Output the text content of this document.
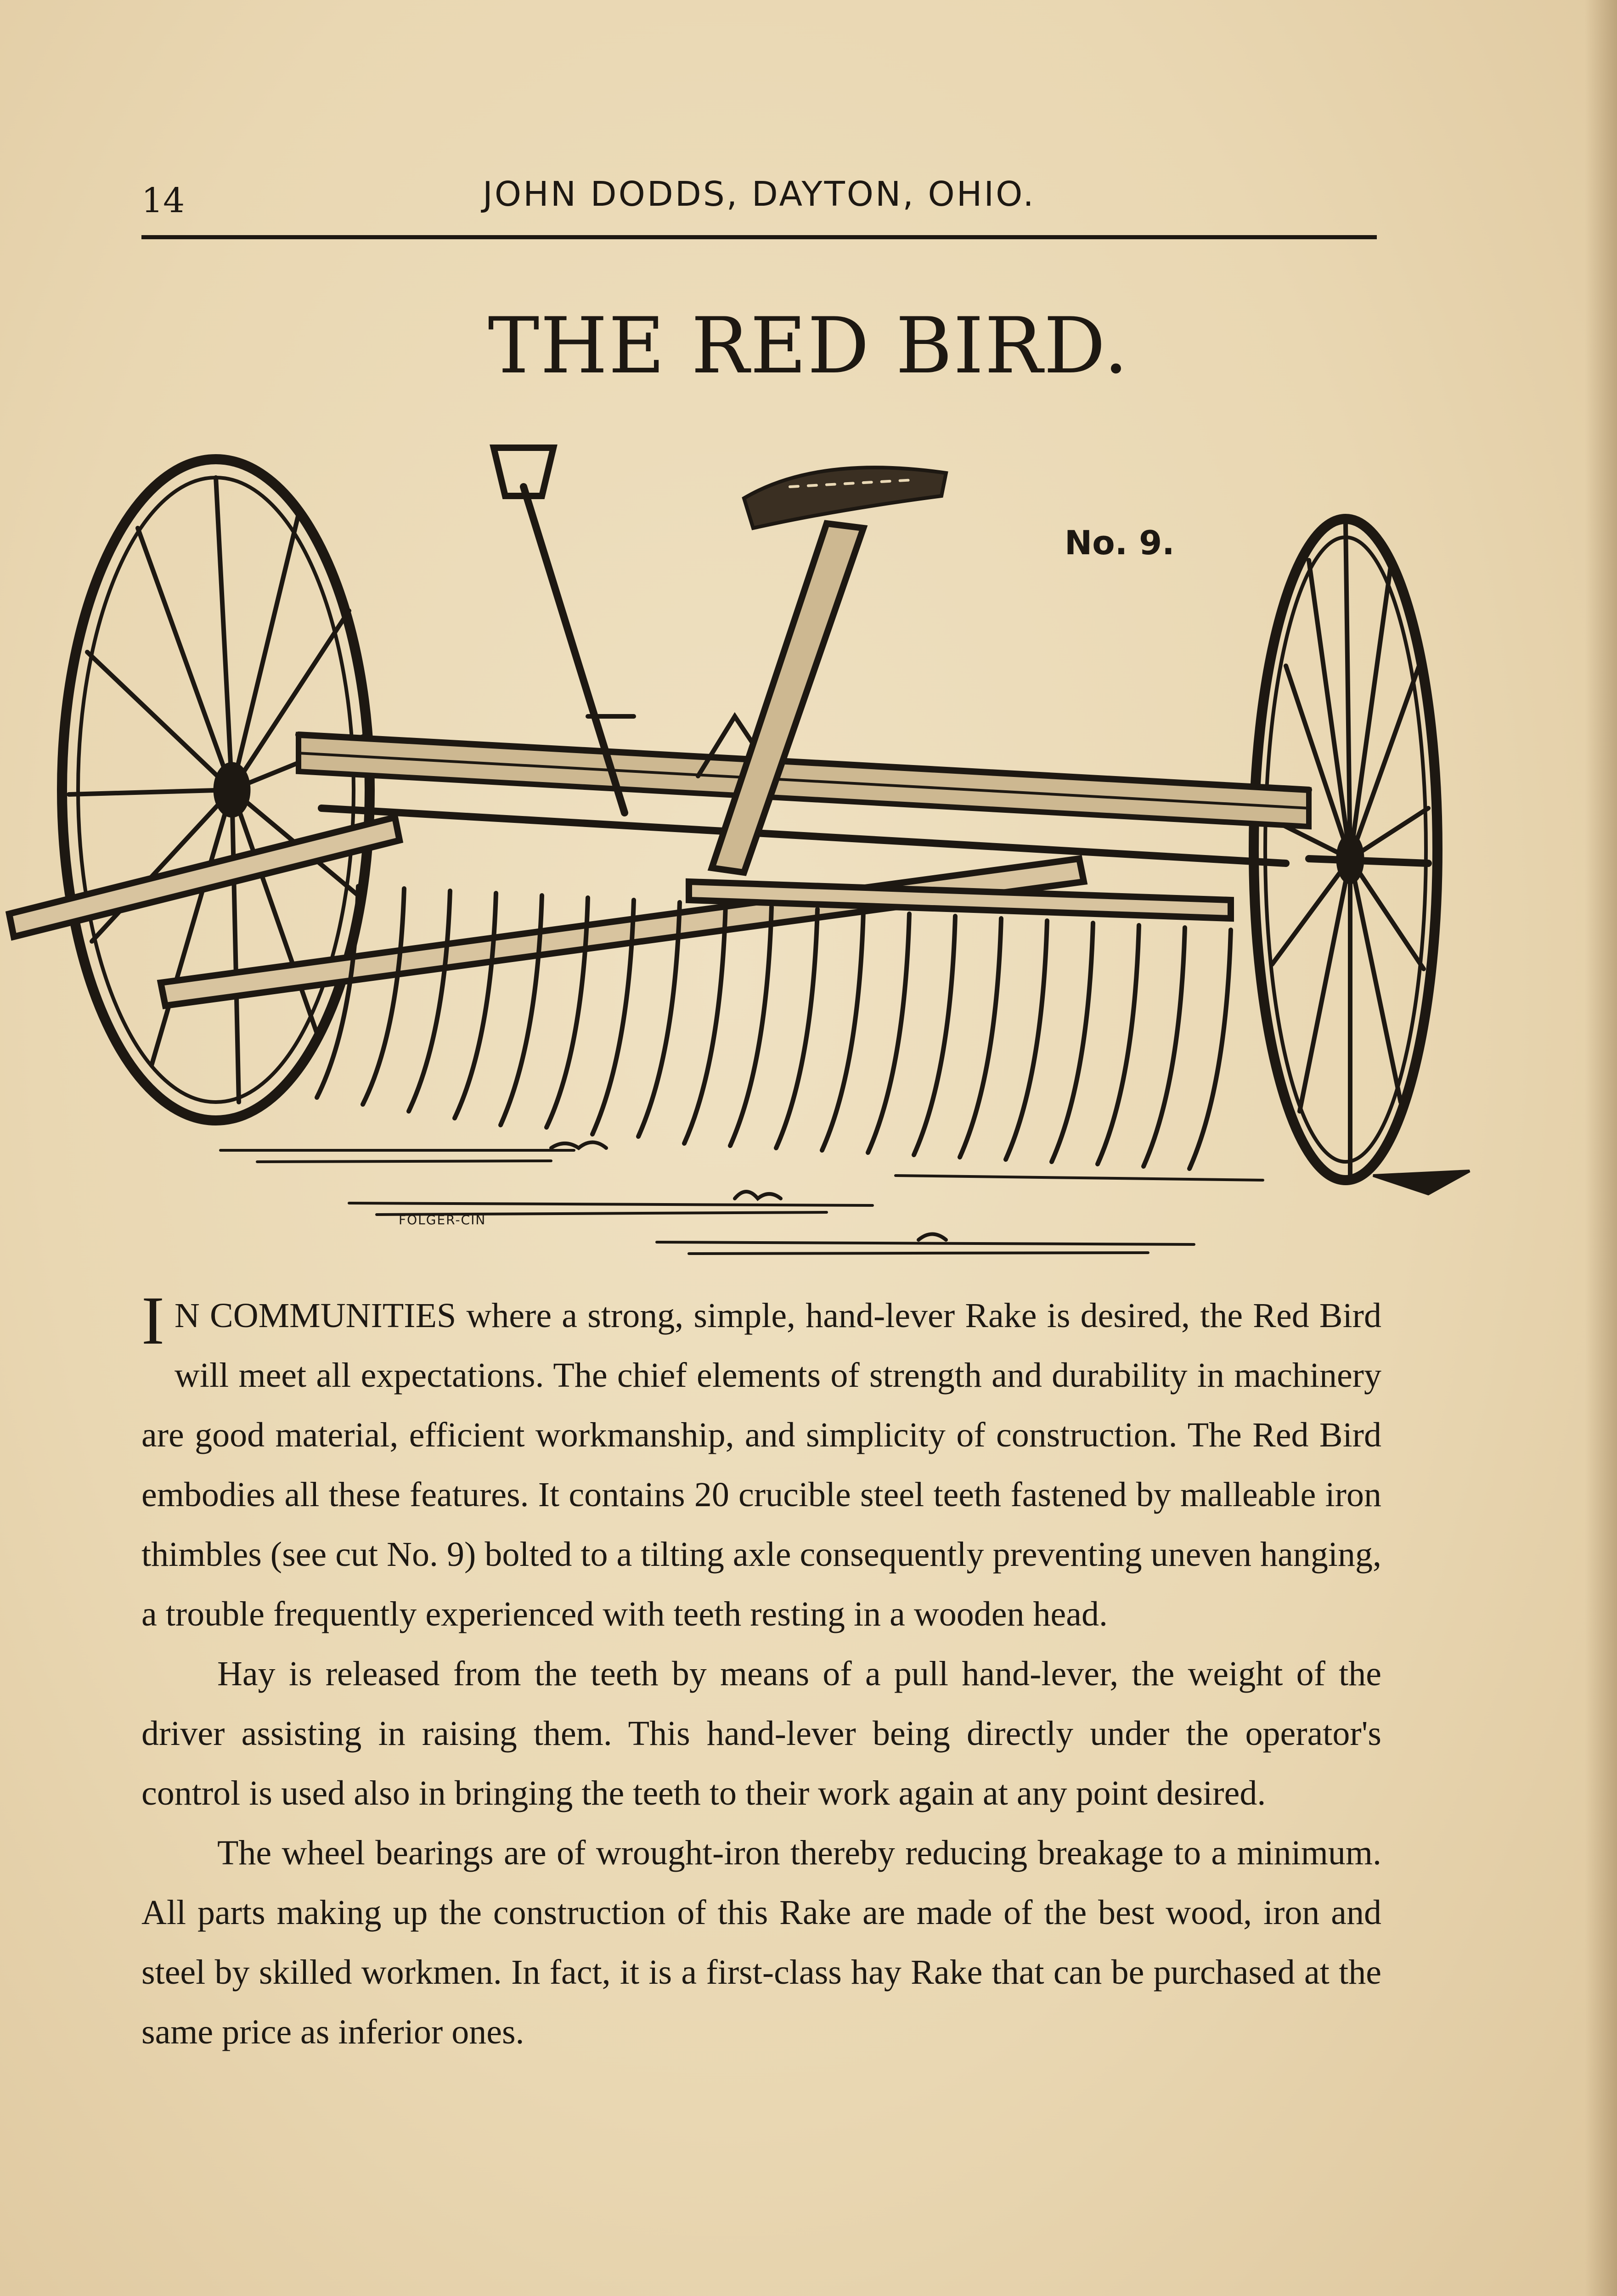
14	JOHN DODDS, DAYTON, OHIO.
THE RED BIRD.
No. 9.
FOLGER-CIN

I N COMMUNITIES where a strong, simple, hand-lever Rake is desired, the Red Bird will meet all expectations. The chief elements of strength and durability in machinery are good material, efficient workmanship, and simplicity of construction. The Red Bird embodies all these features. It contains 20 crucible steel teeth fastened by malleable iron thimbles (see cut No. 9) bolted to a tilting axle consequently preventing uneven hanging, a trouble frequently experienced with teeth resting in a wooden head.

Hay is released from the teeth by means of a pull hand-lever, the weight of the driver assisting in raising them. This hand-lever being directly under the operator's control is used also in bringing the teeth to their work again at any point desired.

The wheel bearings are of wrought-iron thereby reducing breakage to a minimum. All parts making up the construction of this Rake are made of the best wood, iron and steel by skilled workmen. In fact, it is a first-class hay Rake that can be purchased at the same price as inferior ones.
